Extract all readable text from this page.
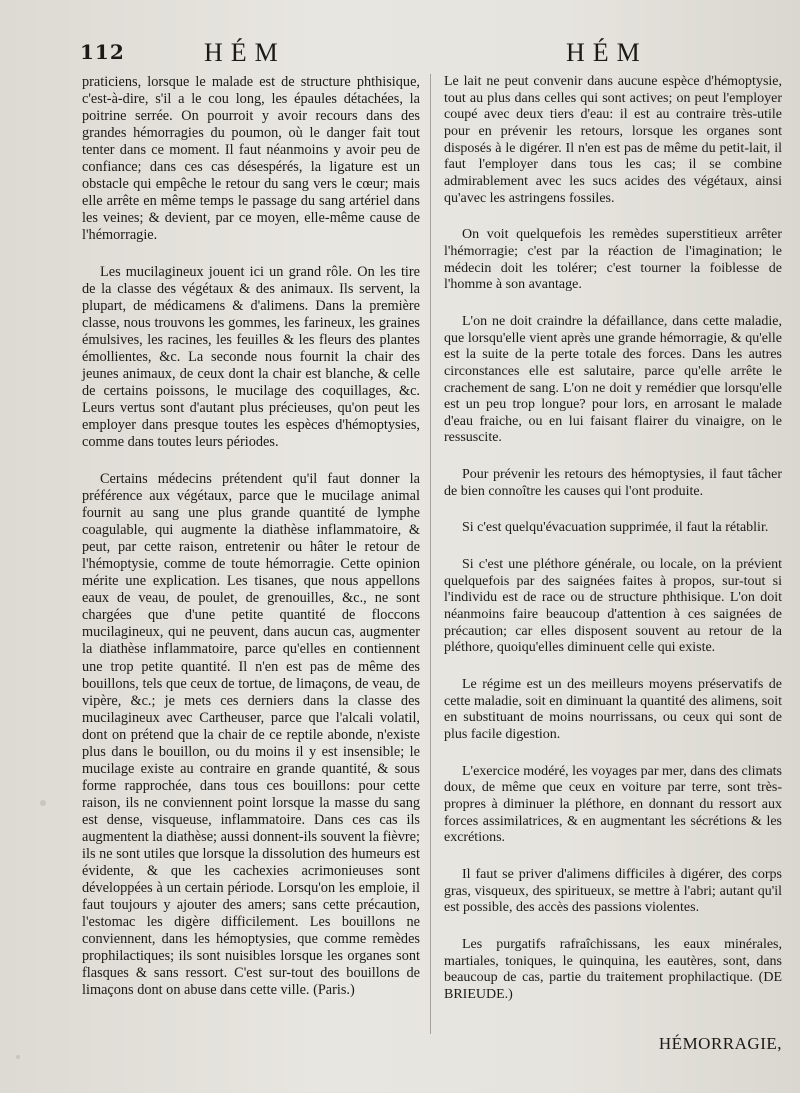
112	HÉM	HÉM

praticiens, lorsque le malade est de structure phthisique, c'est-à-dire, s'il a le cou long, les épaules détachées, la poitrine serrée. On pourroit y avoir recours dans des grandes hémorragies du poumon, où le danger fait tout tenter dans ce moment. Il faut néanmoins y avoir peu de confiance; dans ces cas désespérés, la ligature est un obstacle qui empêche le retour du sang vers le cœur; mais elle arrête en même temps le passage du sang artériel dans les veines; & devient, par ce moyen, elle-même cause de l'hémorragie.

Les mucilagineux jouent ici un grand rôle. On les tire de la classe des végétaux & des animaux. Ils servent, la plupart, de médicamens & d'alimens. Dans la première classe, nous trouvons les gommes, les farineux, les graines émulsives, les racines, les feuilles & les fleurs des plantes émollientes, &c. La seconde nous fournit la chair des jeunes animaux, de ceux dont la chair est blanche, & celle de certains poissons, le mucilage des coquillages, &c. Leurs vertus sont d'autant plus précieuses, qu'on peut les employer dans presque toutes les espèces d'hémoptysies, comme dans toutes leurs périodes.

Certains médecins prétendent qu'il faut donner la préférence aux végétaux, parce que le mucilage animal fournit au sang une plus grande quantité de lymphe coagulable, qui augmente la diathèse inflammatoire, & peut, par cette raison, entretenir ou hâter le retour de l'hémoptysie, comme de toute hémorragie. Cette opinion mérite une explication. Les tisanes, que nous appellons eaux de veau, de poulet, de grenouilles, &c., ne sont chargées que d'une petite quantité de floccons mucilagineux, qui ne peuvent, dans aucun cas, augmenter la diathèse inflammatoire, parce qu'elles en contiennent une trop petite quantité. Il n'en est pas de même des bouillons, tels que ceux de tortue, de limaçons, de veau, de vipère, &c.; je mets ces derniers dans la classe des mucilagineux avec Cartheuser, parce que l'alcali volatil, dont on prétend que la chair de ce reptile abonde, n'existe plus dans le bouillon, ou du moins il y est insensible; le mucilage existe au contraire en grande quantité, & sous forme rapprochée, dans tous ces bouillons: pour cette raison, ils ne conviennent point lorsque la masse du sang est dense, visqueuse, inflammatoire. Dans ces cas ils augmentent la diathèse; aussi donnent-ils souvent la fièvre; ils ne sont utiles que lorsque la dissolution des humeurs est évidente, & que les cachexies acrimonieuses sont développées à un certain période. Lorsqu'on les emploie, il faut toujours y ajouter des amers; sans cette précaution, l'estomac les digère difficilement. Les bouillons ne conviennent, dans les hémoptysies, que comme remèdes prophilactiques; ils sont nuisibles lorsque les organes sont flasques & sans ressort. C'est sur-tout des bouillons de limaçons dont on abuse dans cette ville. (Paris.)

Le lait ne peut convenir dans aucune espèce d'hémoptysie, tout au plus dans celles qui sont actives; on peut l'employer coupé avec deux tiers d'eau: il est au contraire très-utile pour en prévenir les retours, lorsque les organes sont disposés à le digérer. Il n'en est pas de même du petit-lait, il faut l'employer dans tous les cas; il se combine admirablement avec les sucs acides des végétaux, ainsi qu'avec les astringens fossiles.

On voit quelquefois les remèdes superstitieux arrêter l'hémorragie; c'est par la réaction de l'imagination; le médecin doit les tolérer; c'est tourner la foiblesse de l'homme à son avantage.

L'on ne doit craindre la défaillance, dans cette maladie, que lorsqu'elle vient après une grande hémorragie, & qu'elle est la suite de la perte totale des forces. Dans les autres circonstances elle est salutaire, parce qu'elle arrête le crachement de sang. L'on ne doit y remédier que lorsqu'elle est un peu trop longue? pour lors, en arrosant le malade d'eau fraiche, ou en lui faisant flairer du vinaigre, on le ressuscite.

Pour prévenir les retours des hémoptysies, il faut tâcher de bien connoître les causes qui l'ont produite.

Si c'est quelqu'évacuation supprimée, il faut la rétablir.

Si c'est une pléthore générale, ou locale, on la prévient quelquefois par des saignées faites à propos, sur-tout si l'individu est de race ou de structure phthisique. L'on doit néanmoins faire beaucoup d'attention à ces saignées de précaution; car elles disposent souvent au retour de la pléthore, quoiqu'elles diminuent celle qui existe.

Le régime est un des meilleurs moyens préservatifs de cette maladie, soit en diminuant la quantité des alimens, soit en substituant de moins nourrissans, ou ceux qui sont de plus facile digestion.

L'exercice modéré, les voyages par mer, dans des climats doux, de même que ceux en voiture par terre, sont très-propres à diminuer la pléthore, en donnant du ressort aux forces assimilatrices, & en augmentant les sécrétions & les excrétions.

Il faut se priver d'alimens difficiles à digérer, des corps gras, visqueux, des spiritueux, se mettre à l'abri; autant qu'il est possible, des accès des passions violentes.

Les purgatifs rafraîchissans, les eaux minérales, martiales, toniques, le quinquina, les eautères, sont, dans beaucoup de cas, partie du traitement prophilactique. (DE BRIEUDE.)

HÉMORRAGIE,
